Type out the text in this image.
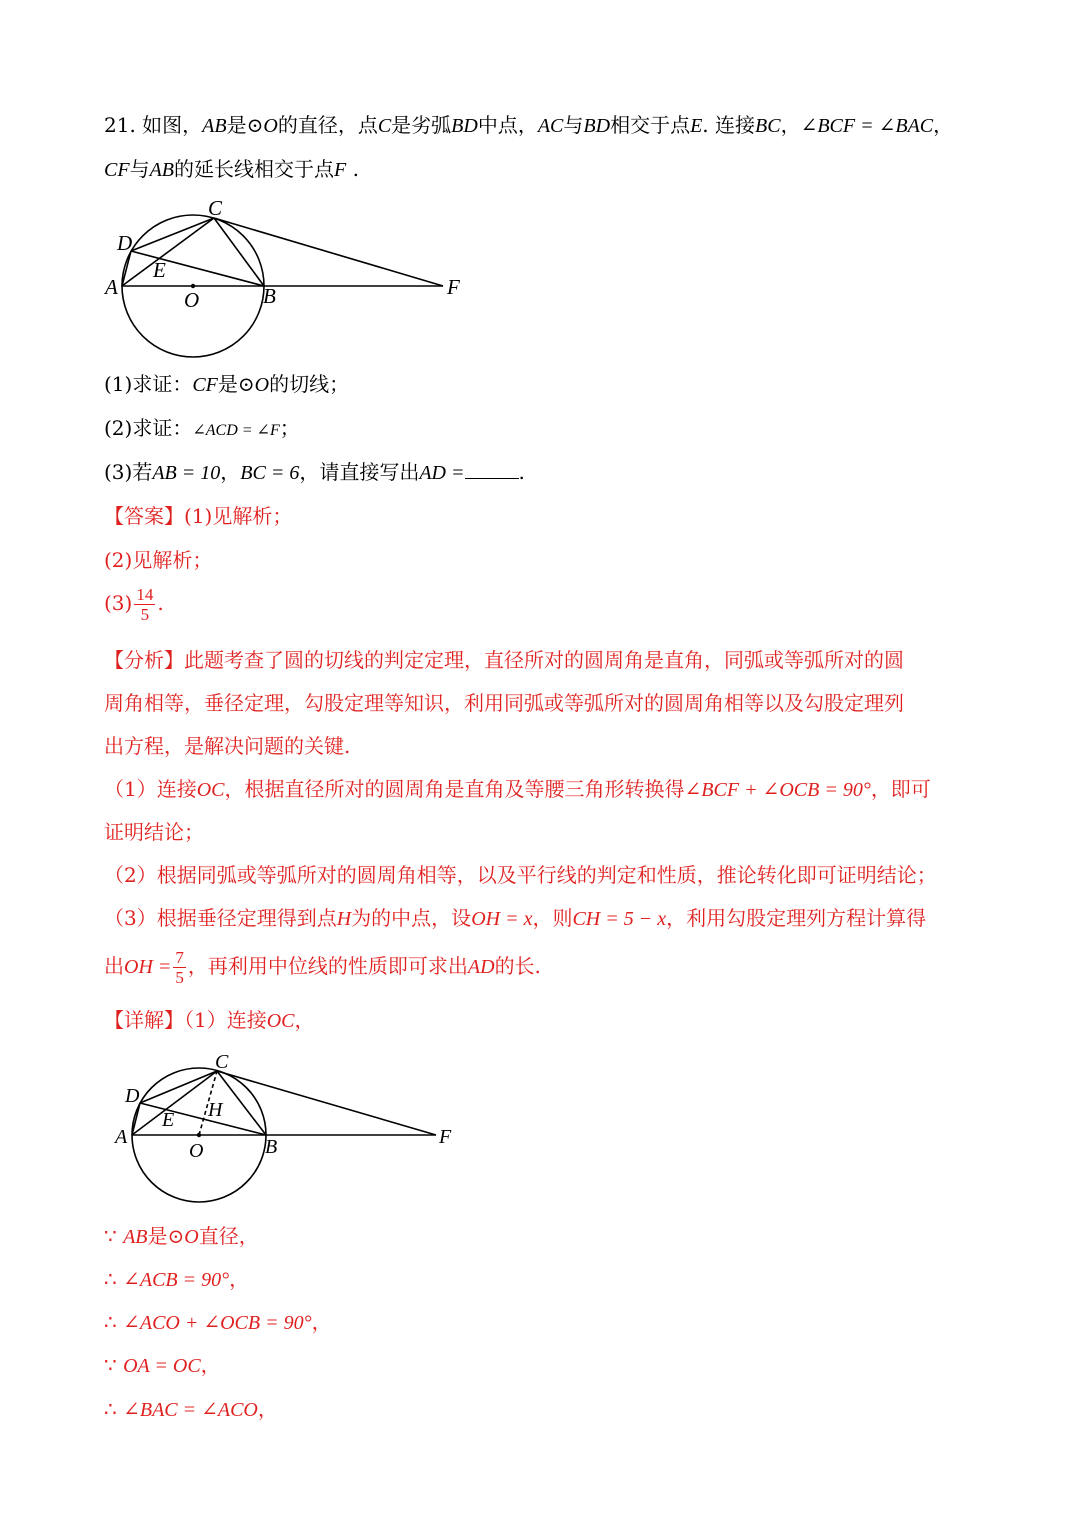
21. 如图，AB是⊙O的直径，点C是劣弧BD中点，AC与BD相交于点E. 连接BC，∠BCF = ∠BAC，
CF与AB的延长线相交于点F .
C
D
E
A
O	B	F
(1)求证：CF是⊙O的切线；
(2)求证：∠ACD = ∠F；
(3)若AB = 10，BC = 6，请直接写出AD =	.
【答案】(1)见解析；
(2)见解析；
$(3) \frac{14}{5}$ .
【分析】此题考查了圆的切线的判定定理，直径所对的圆周角是直角，同弧或等弧所对的圆
周角相等，垂径定理，勾股定理等知识，利用同弧或等弧所对的圆周角相等以及勾股定理列
出方程，是解决问题的关键.
（1）连接OC，根据直径所对的圆周角是直角及等腰三角形转换得∠BCF + ∠OCB = 90°，即可
证明结论；
（2）根据同弧或等弧所对的圆周角相等，以及平行线的判定和性质，推论转化即可证明结论；
（3）根据垂径定理得到点H为的中点，设OH = x，则CH = 5 − x，利用勾股定理列方程计算得
出OH = $\frac{7}{5}$ ，再利用中位线的性质即可求出AD的长.
【详解】（1）连接OC，
C
D
H
E
A
O	B	F
∵ AB是⊙O直径，
∴ ∠ACB = 90°，
∴ ∠ACO + ∠OCB = 90°，
∵ OA = OC，
∴ ∠BAC = ∠ACO，
